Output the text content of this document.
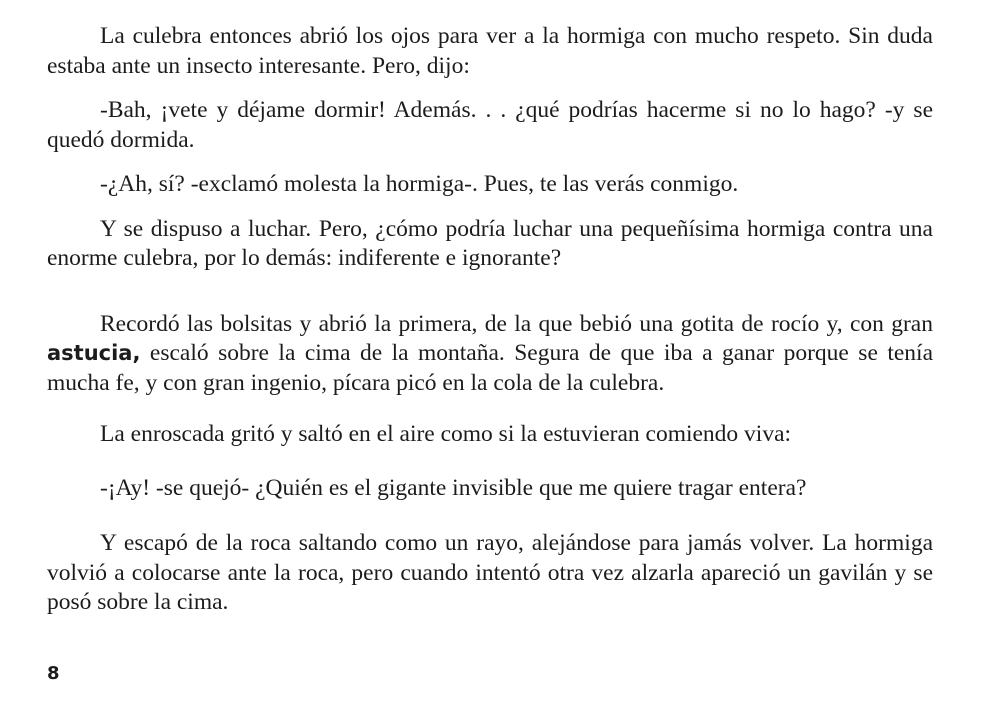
La culebra entonces abrió los ojos para ver a la hormiga con mucho respeto. Sin duda estaba ante un insecto interesante. Pero, dijo:

-Bah, ¡vete y déjame dormir! Además. . . ¿qué podrías hacerme si no lo hago? -y se quedó dormida.

-¿Ah, sí? -exclamó molesta la hormiga-. Pues, te las verás conmigo.

Y se dispuso a luchar. Pero, ¿cómo podría luchar una pequeñísima hormiga contra una enorme culebra, por lo demás: indiferente e ignorante?

Recordó las bolsitas y abrió la primera, de la que bebió una gotita de rocío y, con gran astucia, escaló sobre la cima de la montaña. Segura de que iba a ganar porque se tenía mucha fe, y con gran ingenio, pícara picó en la cola de la culebra.

La enroscada gritó y saltó en el aire como si la estuvieran comiendo viva:

-¡Ay! -se quejó- ¿Quién es el gigante invisible que me quiere tragar entera?

Y escapó de la roca saltando como un rayo, alejándose para jamás volver. La hormiga volvió a colocarse ante la roca, pero cuando intentó otra vez alzarla apareció un gavilán y se posó sobre la cima.

8
